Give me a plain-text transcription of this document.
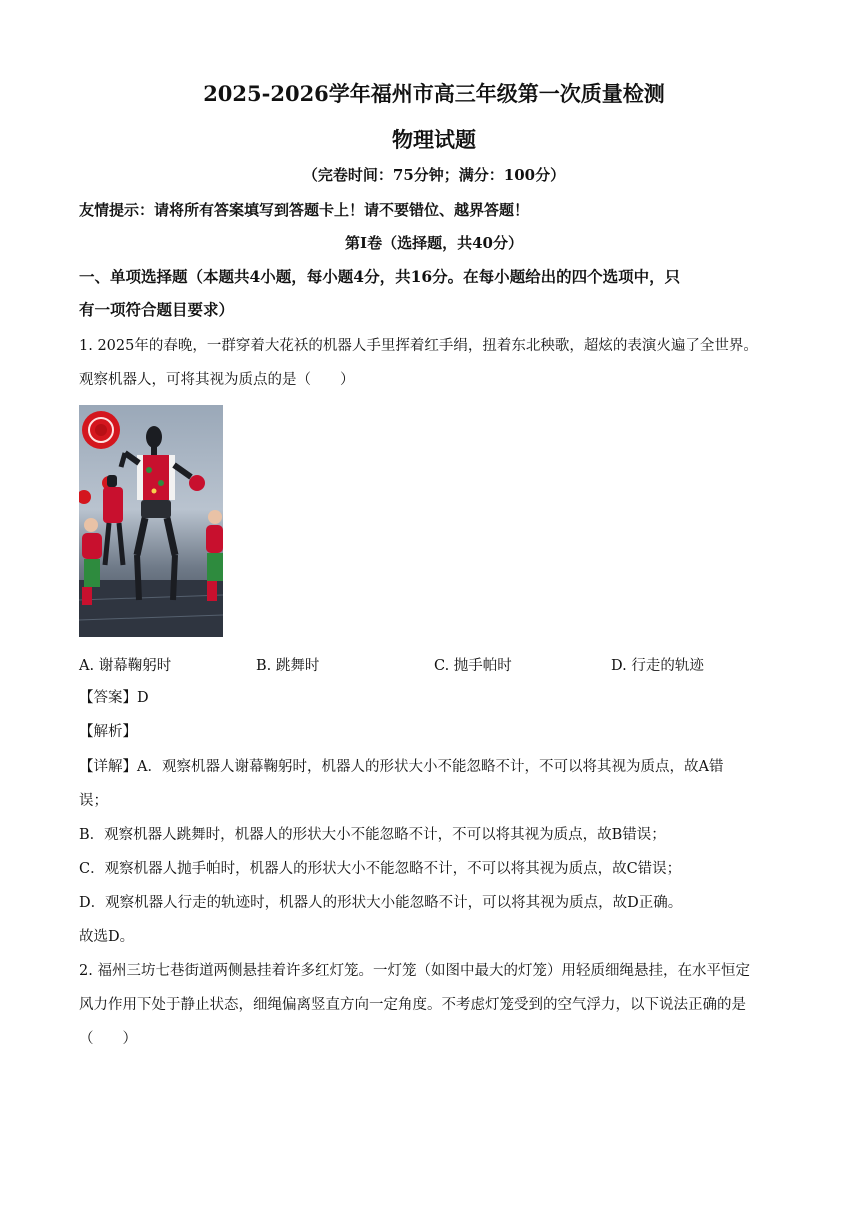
2025-2026学年福州市高三年级第一次质量检测
物理试题
（完卷时间：75分钟；满分：100分）
友情提示：请将所有答案填写到答题卡上！请不要错位、越界答题！
第Ⅰ卷（选择题，共40分）
一、单项选择题（本题共4小题，每小题4分，共16分。在每小题给出的四个选项中，只
有一项符合题目要求）
1. 2025年的春晚，一群穿着大花袄的机器人手里挥着红手绢，扭着东北秧歌，超炫的表演火遍了全世界。
观察机器人，可将其视为质点的是（　　）
A. 谢幕鞠躬时	B. 跳舞时	C. 抛手帕时	D. 行走的轨迹
【答案】D
【解析】
【详解】A．观察机器人谢幕鞠躬时，机器人的形状大小不能忽略不计，不可以将其视为质点，故A错
误；
B．观察机器人跳舞时，机器人的形状大小不能忽略不计，不可以将其视为质点，故B错误；
C．观察机器人抛手帕时，机器人的形状大小不能忽略不计，不可以将其视为质点，故C错误；
D．观察机器人行走的轨迹时，机器人的形状大小能忽略不计，可以将其视为质点，故D正确。
故选D。
2. 福州三坊七巷街道两侧悬挂着许多红灯笼。一灯笼（如图中最大的灯笼）用轻质细绳悬挂，在水平恒定
风力作用下处于静止状态，细绳偏离竖直方向一定角度。不考虑灯笼受到的空气浮力，以下说法正确的是
（　　）
